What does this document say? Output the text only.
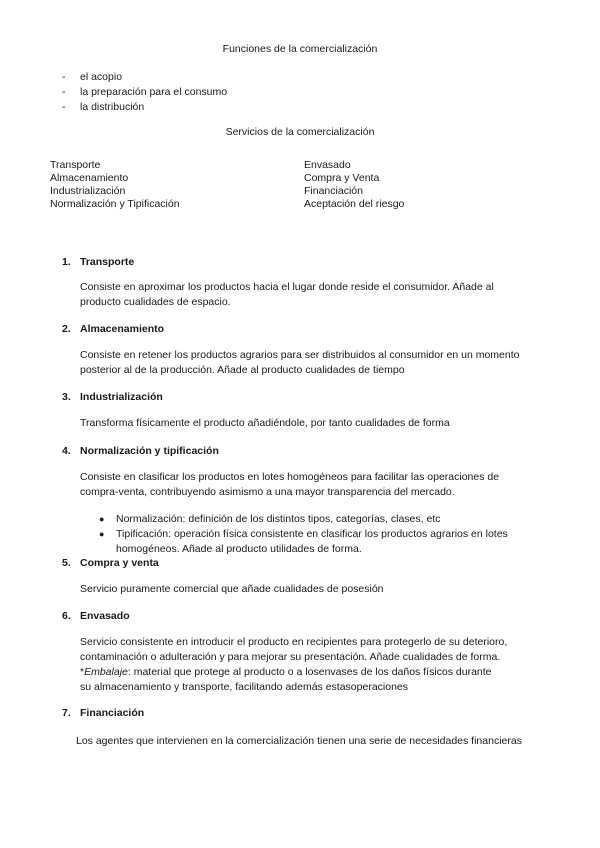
Funciones de la comercialización
- el acopio
- la preparación para el consumo
- la distribución
Servicios de la comercialización
Transporte
Almacenamiento
Industrialización
Normalización y Tipificación
Envasado
Compra y Venta
Financiación
Aceptación del riesgo
1. Transporte
Consiste en aproximar los productos hacia el lugar donde reside el consumidor. Añade al
producto cualidades de espacio.
2. Almacenamiento
Consiste en retener los productos agrarios para ser distribuidos al consumidor en un momento
posterior al de la producción. Añade al producto cualidades de tiempo
3. Industrialización
Transforma físicamente el producto añadiéndole, por tanto cualidades de forma
4. Normalización y tipificación
Consiste en clasificar los productos en lotes homogéneos para facilitar las operaciones de
compra-venta, contribuyendo asimismo a una mayor transparencia del mercado.
● Normalización: definición de los distintos tipos, categorías, clases, etc
● Tipificación: operación física consistente en clasificar los productos agrarios en lotes
homogéneos. Añade al producto utilidades de forma.
5. Compra y venta
Servicio puramente comercial que añade cualidades de posesión
6. Envasado
Servicio consistente en introducir el producto en recipientes para protegerlo de su deterioro,
contaminación o adulteración y para mejorar su presentación. Añade cualidades de forma.
*Embalaje: material que protege al producto o a losenvases de los daños físicos durante
su almacenamiento y transporte, facilitando además estasoperaciones
7. Financiación
Los agentes que intervienen en la comercialización tienen una serie de necesidades financieras
